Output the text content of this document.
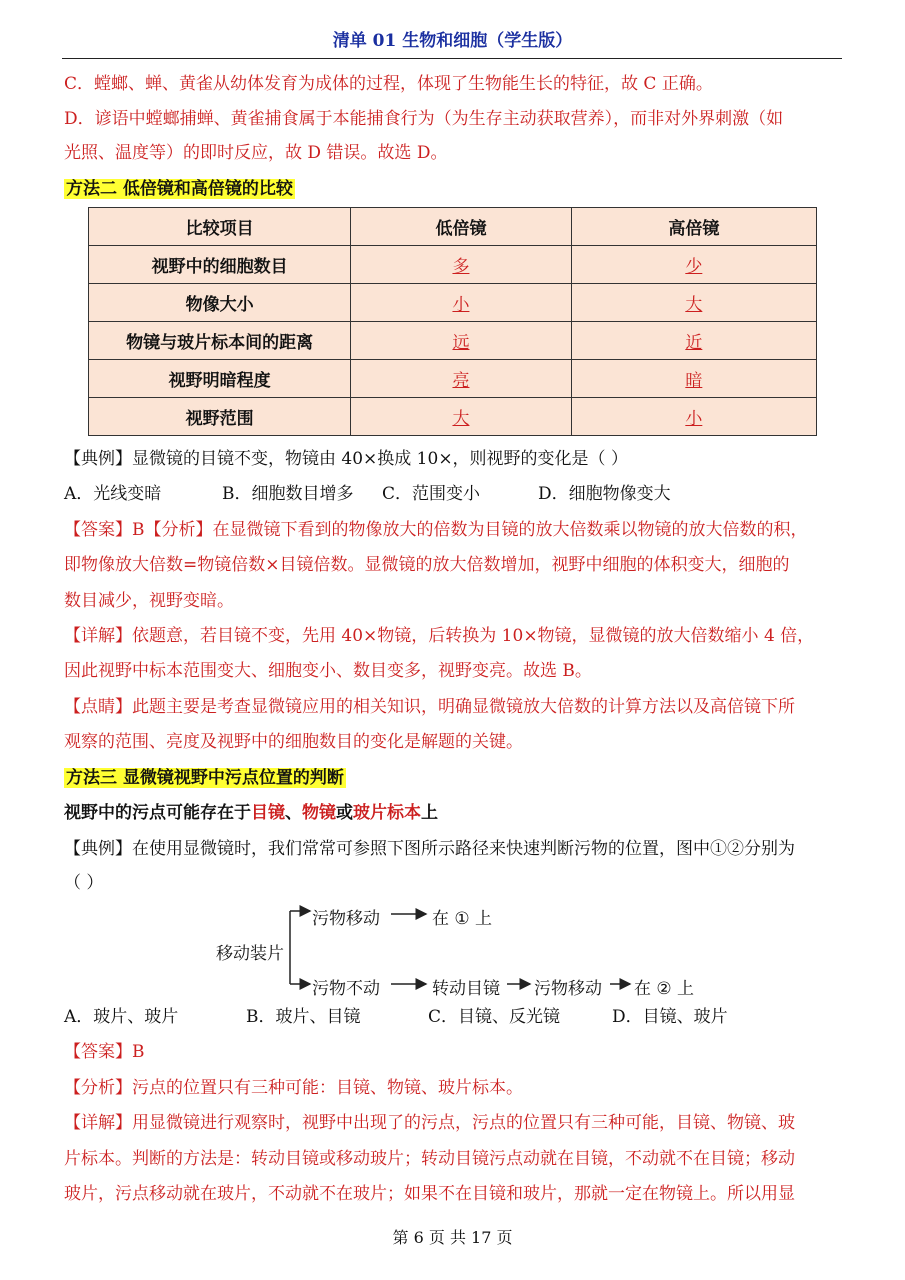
清单 01 生物和细胞（学生版）
C．螳螂、蝉、黄雀从幼体发育为成体的过程，体现了生物能生长的特征，故 C 正确。
D．谚语中螳螂捕蝉、黄雀捕食属于本能捕食行为（为生存主动获取营养），而非对外界刺激（如
光照、温度等）的即时反应，故 D 错误。故选 D。
方法二 低倍镜和高倍镜的比较
比较项目	低倍镜	高倍镜
视野中的细胞数目	多	少
物像大小	小	大
物镜与玻片标本间的距离	远	近
视野明暗程度	亮	暗
视野范围	大	小
【典例】显微镜的目镜不变，物镜由 40×换成 10×，则视野的变化是（ ）
A．光线变暗	B．细胞数目增多 C．范围变小	D．细胞物像变大
【答案】B【分析】在显微镜下看到的物像放大的倍数为目镜的放大倍数乘以物镜的放大倍数的积，
即物像放大倍数=物镜倍数×目镜倍数。显微镜的放大倍数增加，视野中细胞的体积变大，细胞的
数目减少，视野变暗。
【详解】依题意，若目镜不变，先用 40×物镜，后转换为 10×物镜，显微镜的放大倍数缩小 4 倍，
因此视野中标本范围变大、细胞变小、数目变多，视野变亮。故选 B。
【点睛】此题主要是考查显微镜应用的相关知识，明确显微镜放大倍数的计算方法以及高倍镜下所
观察的范围、亮度及视野中的细胞数目的变化是解题的关键。
方法三 显微镜视野中污点位置的判断
视野中的污点可能存在于目镜、物镜或玻片标本上
【典例】在使用显微镜时，我们常常可参照下图所示路径来快速判断污物的位置，图中①②分别为
（ ）
移动装片
污物移动	在 ① 上
污物不动	转动目镜 污物移动 在 ② 上
A．玻片、玻片	B．玻片、目镜	C．目镜、反光镜	D．目镜、玻片
【答案】B
【分析】污点的位置只有三种可能：目镜、物镜、玻片标本。
【详解】用显微镜进行观察时，视野中出现了的污点，污点的位置只有三种可能，目镜、物镜、玻
片标本。判断的方法是：转动目镜或移动玻片；转动目镜污点动就在目镜，不动就不在目镜；移动
玻片，污点移动就在玻片，不动就不在玻片；如果不在目镜和玻片，那就一定在物镜上。所以用显
第 6 页 共 17 页
